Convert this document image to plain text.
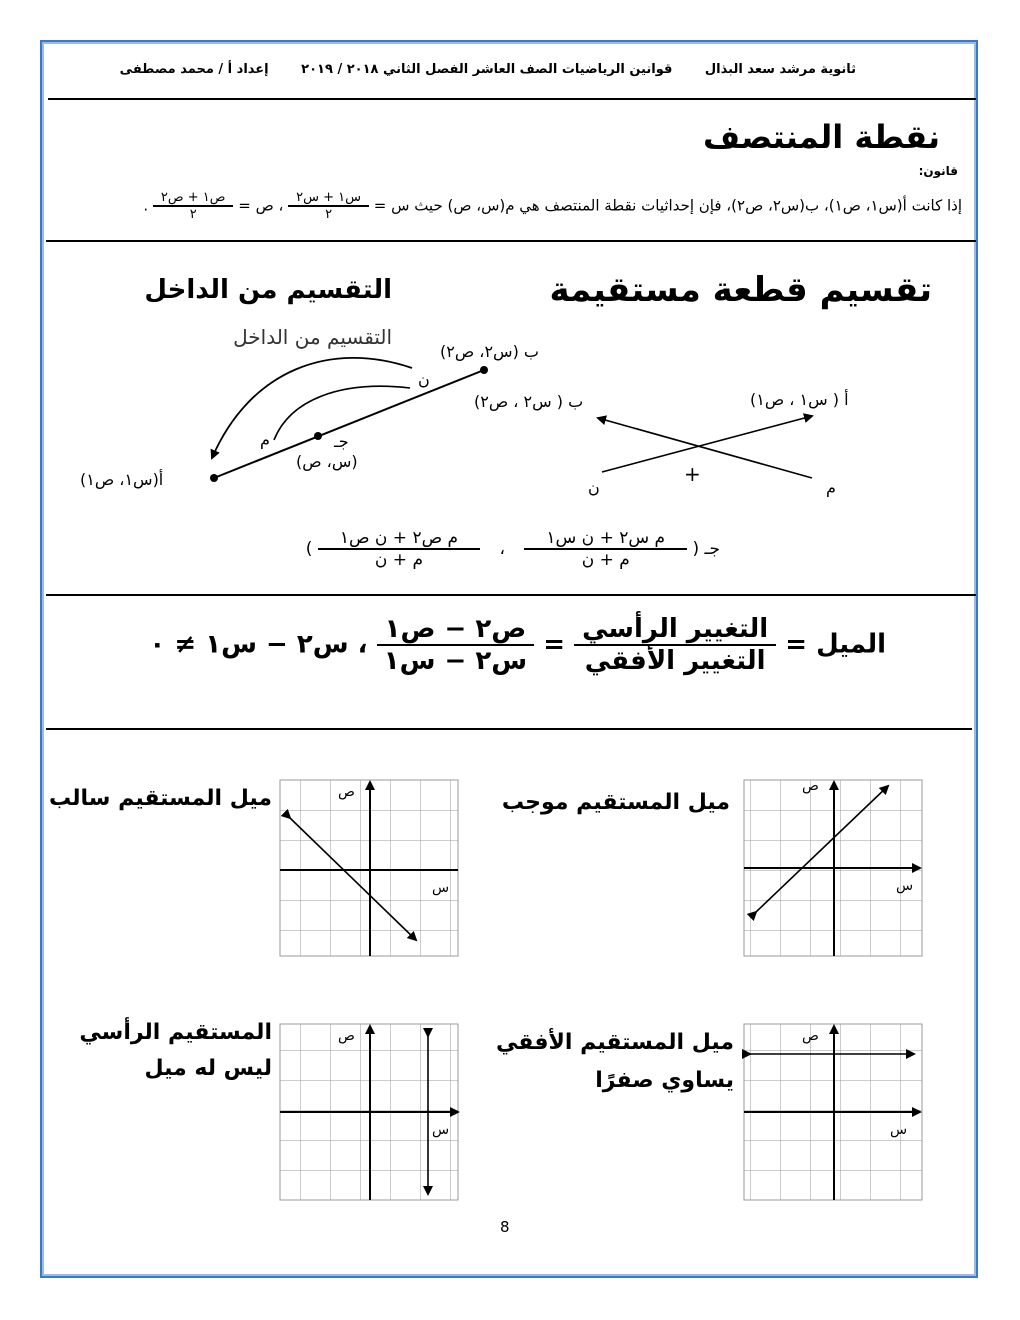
ثانوية مرشد سعد البذال قوانين الرياضيات الصف العاشر الفصل الثاني ٢٠١٨ / ٢٠١٩ إعداد أ / محمد مصطفى
نقطة المنتصف
قانون:
إذا كانت أ(س١، ص١)، ب(س٢، ص٢)، فإن إحداثيات نقطة المنتصف هي م(س، ص) حيث س =
$\frac{\text{س١ + س٢}}{٢}$
، ص =
$\frac{\text{ص١ + ص٢}}{٢}$
.
تقسيم قطعة مستقيمة
التقسيم من الداخل
التقسيم من الداخل
ب (س٢، ص٢)
ن
م	جـ
(س، ص)
أ(س١، ص١)
أ ( س١ ، ص١)
ب ( س٢ ، ص٢)
ن	م
+
جـ (
$\frac{\text{م س٢ + ن س١}}{\text{م + ن}}$
،
$\frac{\text{م ص٢ + ن ص١}}{\text{م + ن}}$
)
الميل =
$\frac{\text{التغيير الرأسي}}{\text{التغيير الأفقي}}$
=
$\frac{\text{ص٢ − ص١}}{\text{س٢ − س١}}$
، س٢ − س١ ≠ ٠
ص
س
ص
س
ص
س
ص
س
ميل المستقيم سالب	ميل المستقيم موجب
المستقيم الرأسي
ليس له ميل
ميل المستقيم الأفقي
يساوي صفرًا
8
